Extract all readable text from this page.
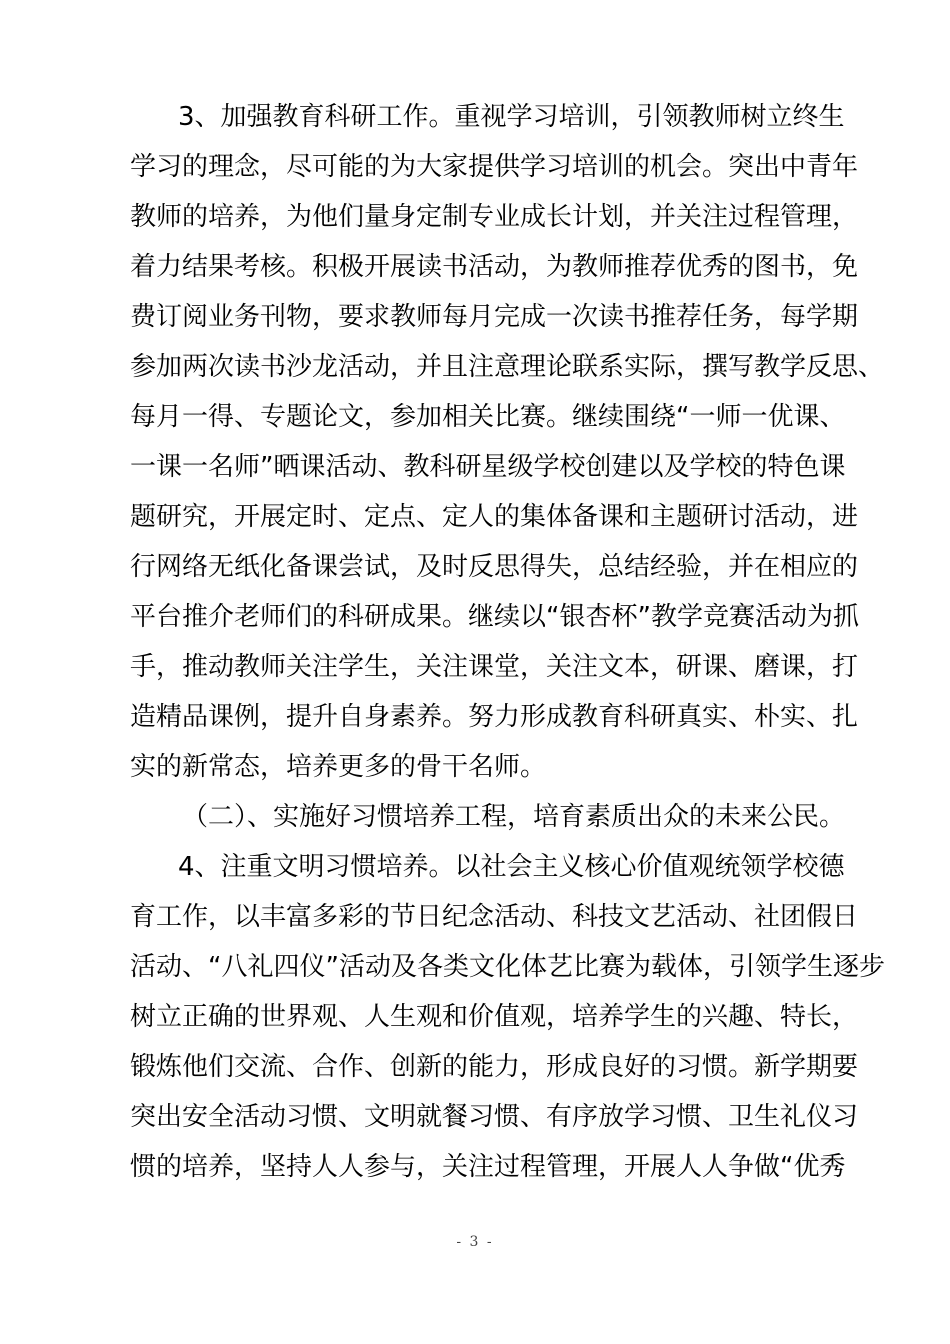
3、加强教育科研工作。重视学习培训，引领教师树立终生
学习的理念，尽可能的为大家提供学习培训的机会。突出中青年
教师的培养，为他们量身定制专业成长计划，并关注过程管理，
着力结果考核。积极开展读书活动，为教师推荐优秀的图书，免
费订阅业务刊物，要求教师每月完成一次读书推荐任务，每学期
参加两次读书沙龙活动，并且注意理论联系实际，撰写教学反思、
每月一得、专题论文，参加相关比赛。继续围绕“一师一优课、
一课一名师”晒课活动、教科研星级学校创建以及学校的特色课
题研究，开展定时、定点、定人的集体备课和主题研讨活动，进
行网络无纸化备课尝试，及时反思得失，总结经验，并在相应的
平台推介老师们的科研成果。继续以“银杏杯”教学竞赛活动为抓
手，推动教师关注学生，关注课堂，关注文本，研课、磨课，打
造精品课例，提升自身素养。努力形成教育科研真实、朴实、扎
实的新常态，培养更多的骨干名师。
（二）、实施好习惯培养工程，培育素质出众的未来公民。
4、注重文明习惯培养。以社会主义核心价值观统领学校德
育工作，以丰富多彩的节日纪念活动、科技文艺活动、社团假日
活动、“八礼四仪”活动及各类文化体艺比赛为载体，引领学生逐步
树立正确的世界观、人生观和价值观，培养学生的兴趣、特长，
锻炼他们交流、合作、创新的能力，形成良好的习惯。新学期要
突出安全活动习惯、文明就餐习惯、有序放学习惯、卫生礼仪习
惯的培养，坚持人人参与，关注过程管理，开展人人争做“优秀
- 3 -
